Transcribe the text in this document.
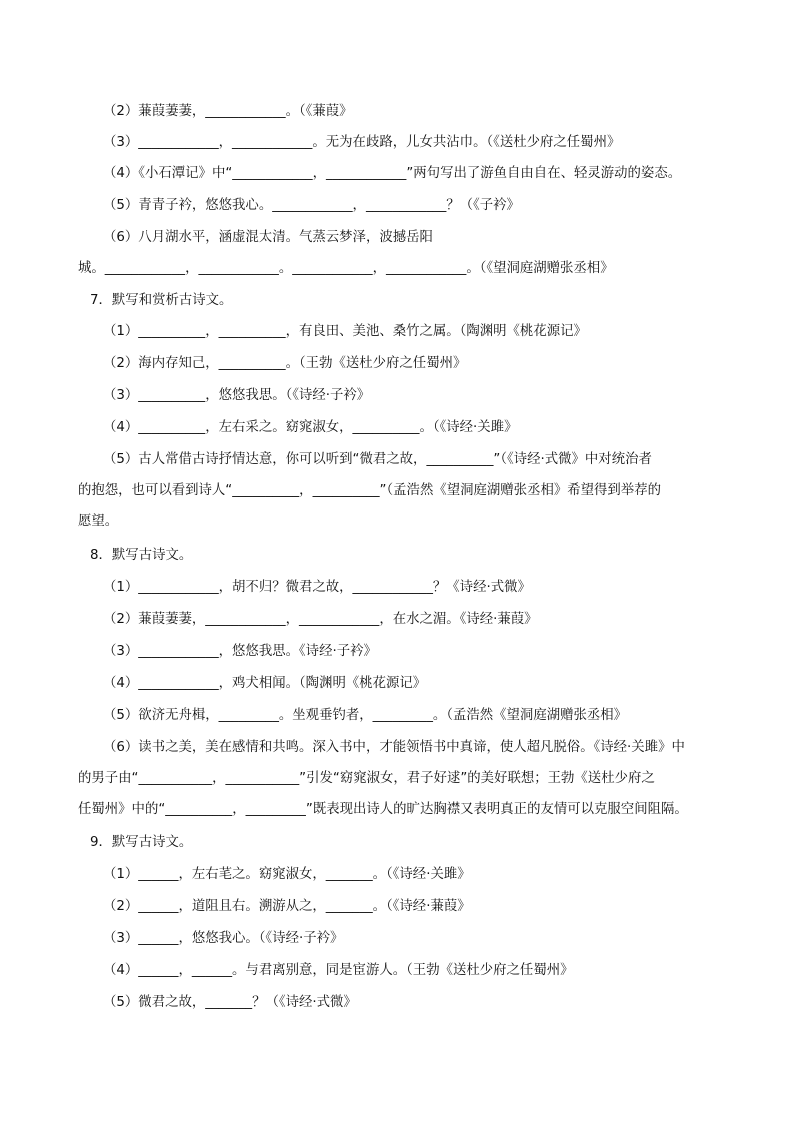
（2）蒹葭萋萋，____________。（《蒹葭》
（3）____________，____________。无为在歧路，儿女共沾巾。（《送杜少府之任蜀州》
（4）《小石潭记》中“____________，____________”两句写出了游鱼自由自在、轻灵游动的姿态。
（5）青青子衿，悠悠我心。____________，____________？（《子衿》
（6）八月湖水平，涵虚混太清。气蒸云梦泽，波撼岳阳
城。____________，____________。____________，____________。（《望洞庭湖赠张丞相》
7．默写和赏析古诗文。
（1）__________，__________，有良田、美池、桑竹之属。（陶渊明《桃花源记》
（2）海内存知己，__________。（王勃《送杜少府之任蜀州》
（3）__________，悠悠我思。（《诗经·子衿》
（4）__________，左右采之。窈窕淑女，__________。（《诗经·关雎》
（5）古人常借古诗抒情达意，你可以听到“微君之故，__________”（《诗经·式微》中对统治者
的抱怨，也可以看到诗人“__________，__________”（孟浩然《望洞庭湖赠张丞相》希望得到举荐的
愿望。
8．默写古诗文。
（1）____________，胡不归？微君之故，____________？《诗经·式微》
（2）蒹葭萋萋，____________，____________，在水之湄。《诗经·蒹葭》
（3）____________，悠悠我思。《诗经·子衿》
（4）____________，鸡犬相闻。（陶渊明《桃花源记》
（5）欲济无舟楫，_________。坐观垂钓者，_________。（孟浩然《望洞庭湖赠张丞相》
（6）读书之美，美在感情和共鸣。深入书中，才能领悟书中真谛，使人超凡脱俗。《诗经·关雎》中
的男子由“___________，___________”引发“窈窕淑女，君子好逑”的美好联想；王勃《送杜少府之
任蜀州》中的“__________，_________”既表现出诗人的旷达胸襟又表明真正的友情可以克服空间阻隔。
9．默写古诗文。
（1）______，左右芼之。窈窕淑女，_______。（《诗经·关雎》
（2）______，道阻且右。溯游从之，_______。（《诗经·蒹葭》
（3）______，悠悠我心。（《诗经·子衿》
（4）______，______。与君离别意，同是宦游人。（王勃《送杜少府之任蜀州》
（5）微君之故，_______？（《诗经·式微》
